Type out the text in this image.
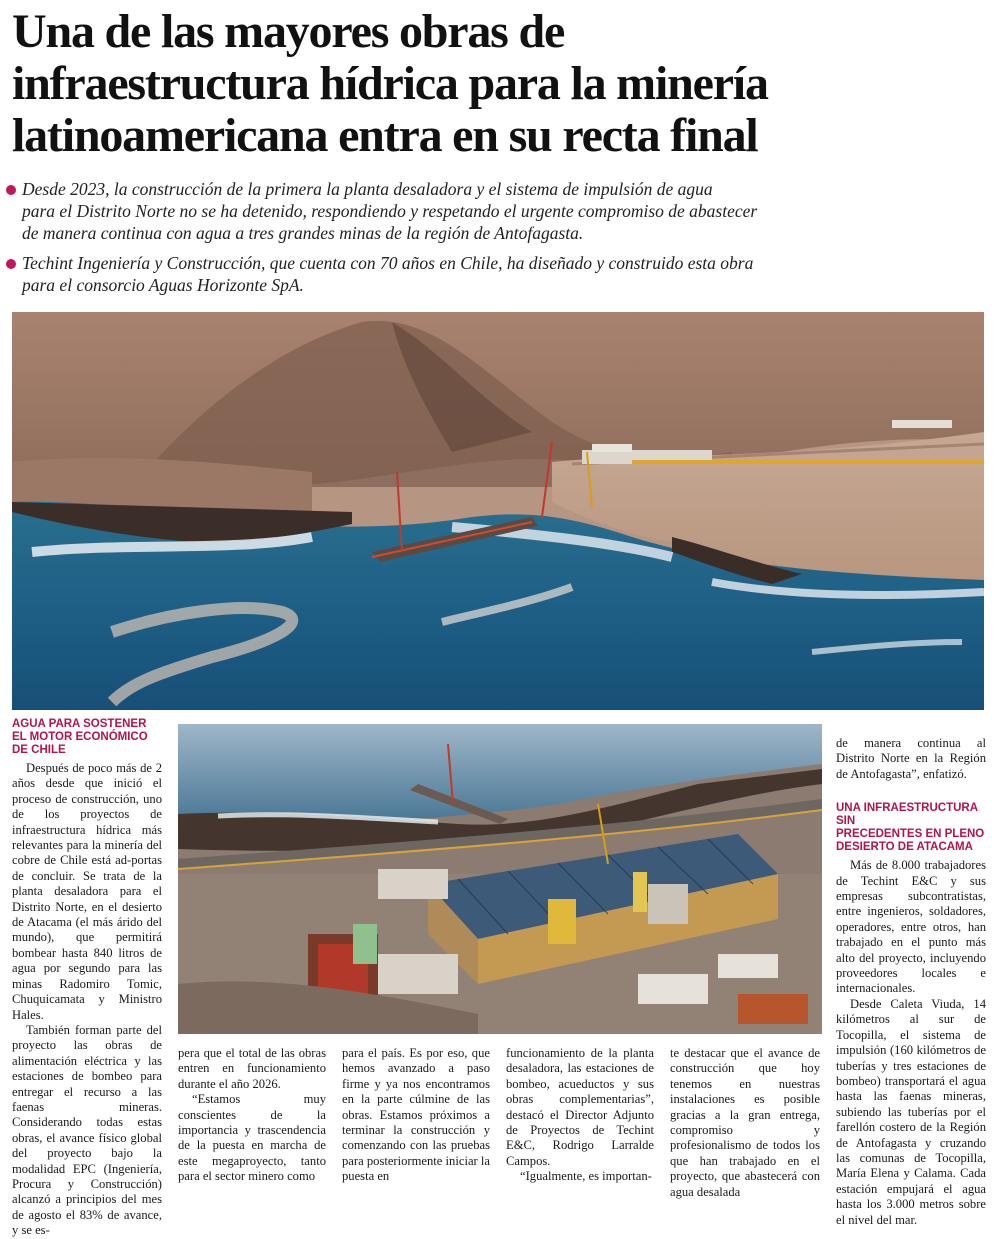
Una de las mayores obras de
infraestructura hídrica para la minería
latinoamericana entra en su recta final
Desde 2023, la construcción de la primera la planta desaladora y el sistema de impulsión de agua
para el Distrito Norte no se ha detenido, respondiendo y respetando el urgente compromiso de abastecer
de manera continua con agua a tres grandes minas de la región de Antofagasta.
Techint Ingeniería y Construcción, que cuenta con 70 años en Chile, ha diseñado y construido esta obra
para el consorcio Aguas Horizonte SpA.
AGUA PARA SOSTENER
EL MOTOR ECONÓMICO
DE CHILE

Después de poco más de 2 años desde que inició el proceso de construcción, uno de los proyectos de infraestructura hídrica más relevantes para la minería del cobre de Chile está ad-portas de concluir. Se trata de la planta desaladora para el Distrito Norte, en el desierto de Atacama (el más árido del mundo), que permitirá bombear hasta 840 litros de agua por segundo para las minas Radomiro Tomic, Chuquicamata y Ministro Hales.

También forman parte del proyecto las obras de alimentación eléctrica y las estaciones de bombeo para entregar el recurso a las faenas mineras. Considerando todas estas obras, el avance físico global del proyecto bajo la modalidad EPC (Ingeniería, Procura y Construcción) alcanzó a principios del mes de agosto el 83% de avance, y se es-

pera que el total de las obras entren en funcionamiento durante el año 2026.

“Estamos muy conscientes de la importancia y trascendencia de la puesta en marcha de este megaproyecto, tanto para el sector minero como

para el país. Es por eso, que hemos avanzado a paso firme y ya nos encontramos en la parte cúlmine de las obras. Estamos próximos a terminar la construcción y comenzando con las pruebas para posteriormente iniciar la puesta en

funcionamiento de la planta desaladora, las estaciones de bombeo, acueductos y sus obras complementarias”, destacó el Director Adjunto de Proyectos de Techint E&C, Rodrigo Larralde Campos.

“Igualmente, es importan-

te destacar que el avance de construcción que hoy tenemos en nuestras instalaciones es posible gracias a la gran entrega, compromiso y profesionalismo de todos los que han trabajado en el proyecto, que abastecerá con agua desalada

de manera continua al Distrito Norte en la Región de Antofagasta”, enfatizó.

UNA INFRAESTRUCTURA SIN
PRECEDENTES EN PLENO
DESIERTO DE ATACAMA

Más de 8.000 trabajadores de Techint E&C y sus empresas subcontratistas, entre ingenieros, soldadores, operadores, entre otros, han trabajado en el punto más alto del proyecto, incluyendo proveedores locales e internacionales.

Desde Caleta Viuda, 14 kilómetros al sur de Tocopilla, el sistema de impulsión (160 kilómetros de tuberías y tres estaciones de bombeo) transportará el agua hasta las faenas mineras, subiendo las tuberías por el farellón costero de la Región de Antofagasta y cruzando las comunas de Tocopilla, María Elena y Calama. Cada estación empujará el agua hasta los 3.000 metros sobre el nivel del mar.
